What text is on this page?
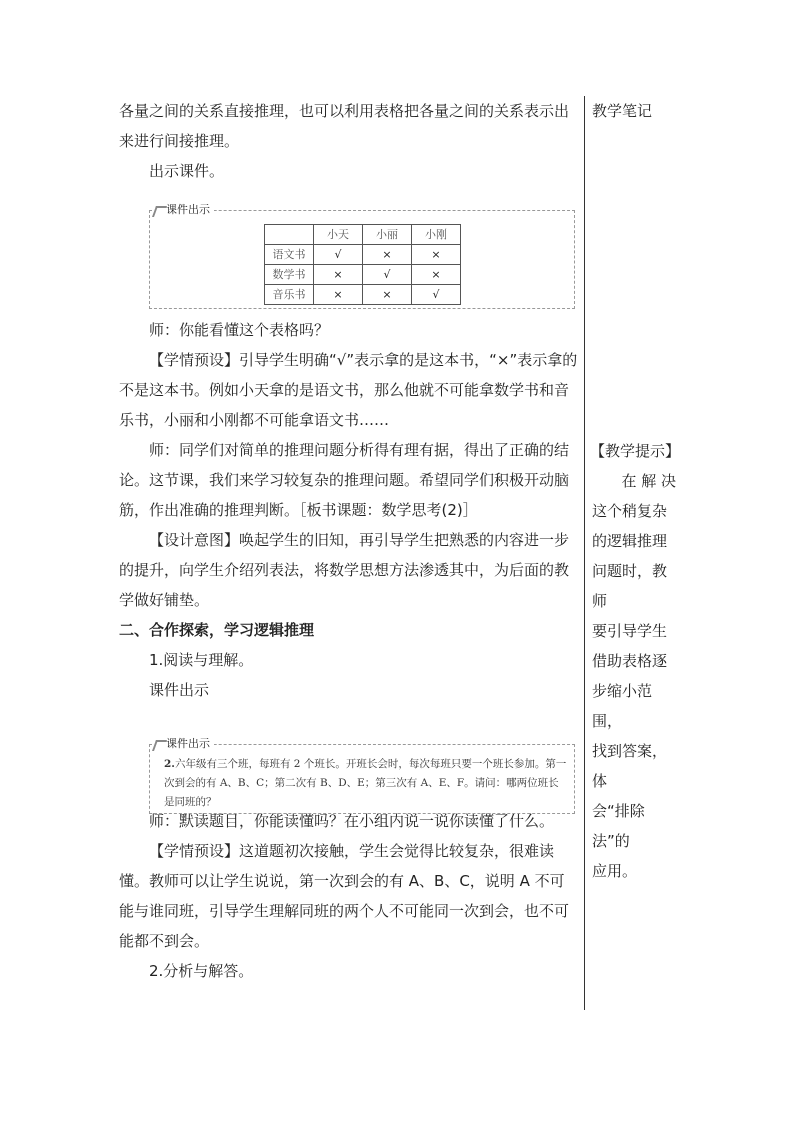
各量之间的关系直接推理，也可以利用表格把各量之间的关系表示出来进行间接推理。

出示课件。

师：你能看懂这个表格吗？

【学情预设】引导学生明确“√”表示拿的是这本书，“×”表示拿的不是这本书。例如小天拿的是语文书，那么他就不可能拿数学书和音乐书，小丽和小刚都不可能拿语文书……

师：同学们对简单的推理问题分析得有理有据，得出了正确的结论。这节课，我们来学习较复杂的推理问题。希望同学们积极开动脑筋，作出准确的推理判断。［板书课题：数学思考(2)］

【设计意图】唤起学生的旧知，再引导学生把熟悉的内容进一步的提升，向学生介绍列表法，将数学思想方法渗透其中，为后面的教学做好铺垫。

二、合作探索，学习逻辑推理

1.阅读与理解。

课件出示

师：默读题目，你能读懂吗？在小组内说一说你读懂了什么。

【学情预设】这道题初次接触，学生会觉得比较复杂，很难读懂。教师可以让学生说说，第一次到会的有 A、B、C，说明 A 不可能与谁同班，引导学生理解同班的两个人不可能同一次到会，也不可能都不到会。

2.分析与解答。

课件出示
	小天	小丽	小刚
语文书	√	×	×
数学书	×	√	×
音乐书	×	×	√
课件出示
2.六年级有三个班，每班有 2 个班长。开班长会时，每次每班只要一个班长参加。第一次到会的有 A、B、C；第二次有 B、D、E；第三次有 A、E、F。请问：哪两位班长是同班的？
教学笔记
【教学提示】
在 解 决
这个稍复杂
的逻辑推理
问题时，教师
要引导学生
借助表格逐
步缩小范围，
找到答案，体
会“排除法”的
应用。
